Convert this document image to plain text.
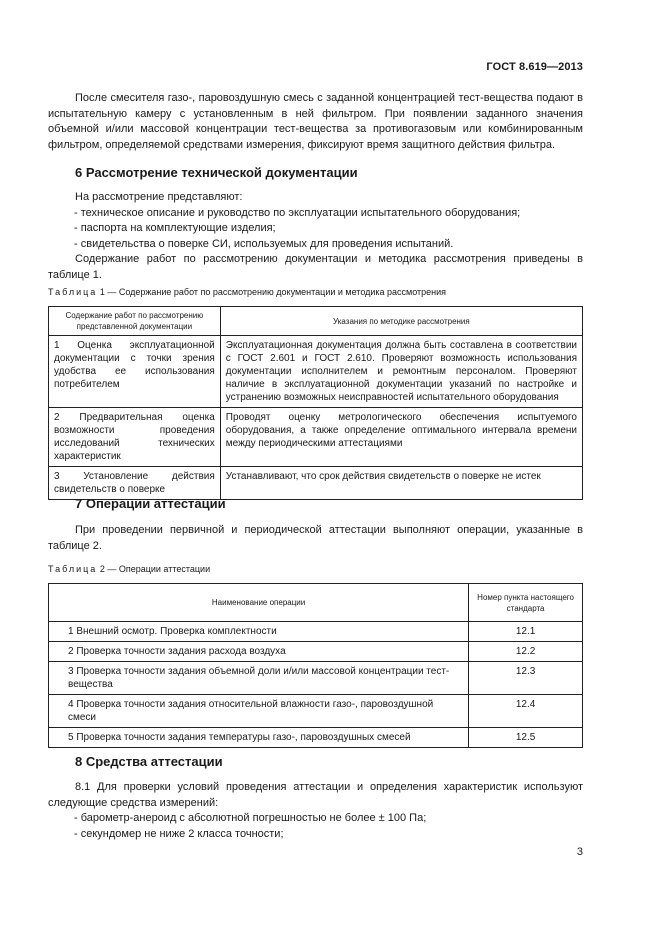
ГОСТ 8.619—2013

После смесителя газо-, паровоздушную смесь с заданной концентрацией тест-вещества подают в испытательную камеру с установленным в ней фильтром. При появлении заданного значения объемной и/или массовой концентрации тест-вещества за противогазовым или комбинированным фильтром, определяемой средствами измерения, фиксируют время защитного действия фильтра.

6 Рассмотрение технической документации

На рассмотрение представляют:

- техническое описание и руководство по эксплуатации испытательного оборудования;
- паспорта на комплектующие изделия;
- свидетельства о поверке СИ, используемых для проведения испытаний.

Содержание работ по рассмотрению документации и методика рассмотрения приведены в таблице 1.

Таблица 1 — Содержание работ по рассмотрению документации и методика рассмотрения
Содержание работ по рассмотрению представленной документации	Указания по методике рассмотрения
1 Оценка эксплуатационной документации с точки зрения удобства ее использования потребителем	Эксплуатационная документация должна быть составлена в соответствии с ГОСТ 2.601 и ГОСТ 2.610. Проверяют возможность использования документации исполнителем и ремонтным персоналом. Проверяют наличие в эксплуатационной документации указаний по настройке и устранению возможных неисправностей испытательного оборудования
2 Предварительная оценка возможности проведения исследований технических характеристик	Проводят оценку метрологического обеспечения испытуемого оборудования, а также определение оптимального интервала времени между периодическими аттестациями
3 Установление действия свидетельств о поверке	Устанавливают, что срок действия свидетельств о поверке не истек
7 Операции аттестации

При проведении первичной и периодической аттестации выполняют операции, указанные в таблице 2.

Таблица 2 — Операции аттестации
Наименование операции	Номер пункта настоящего стандарта
1 Внешний осмотр. Проверка комплектности	12.1
2 Проверка точности задания расхода воздуха	12.2
3 Проверка точности задания объемной доли и/или массовой концентрации тест-вещества	12.3
4 Проверка точности задания относительной влажности газо-, паровоздушной смеси	12.4
5 Проверка точности задания температуры газо-, паровоздушных смесей	12.5
8 Средства аттестации

8.1 Для проверки условий проведения аттестации и определения характеристик используют следующие средства измерений:

- барометр-анероид с абсолютной погрешностью не более ± 100 Па;
- секундомер не ниже 2 класса точности;
3
